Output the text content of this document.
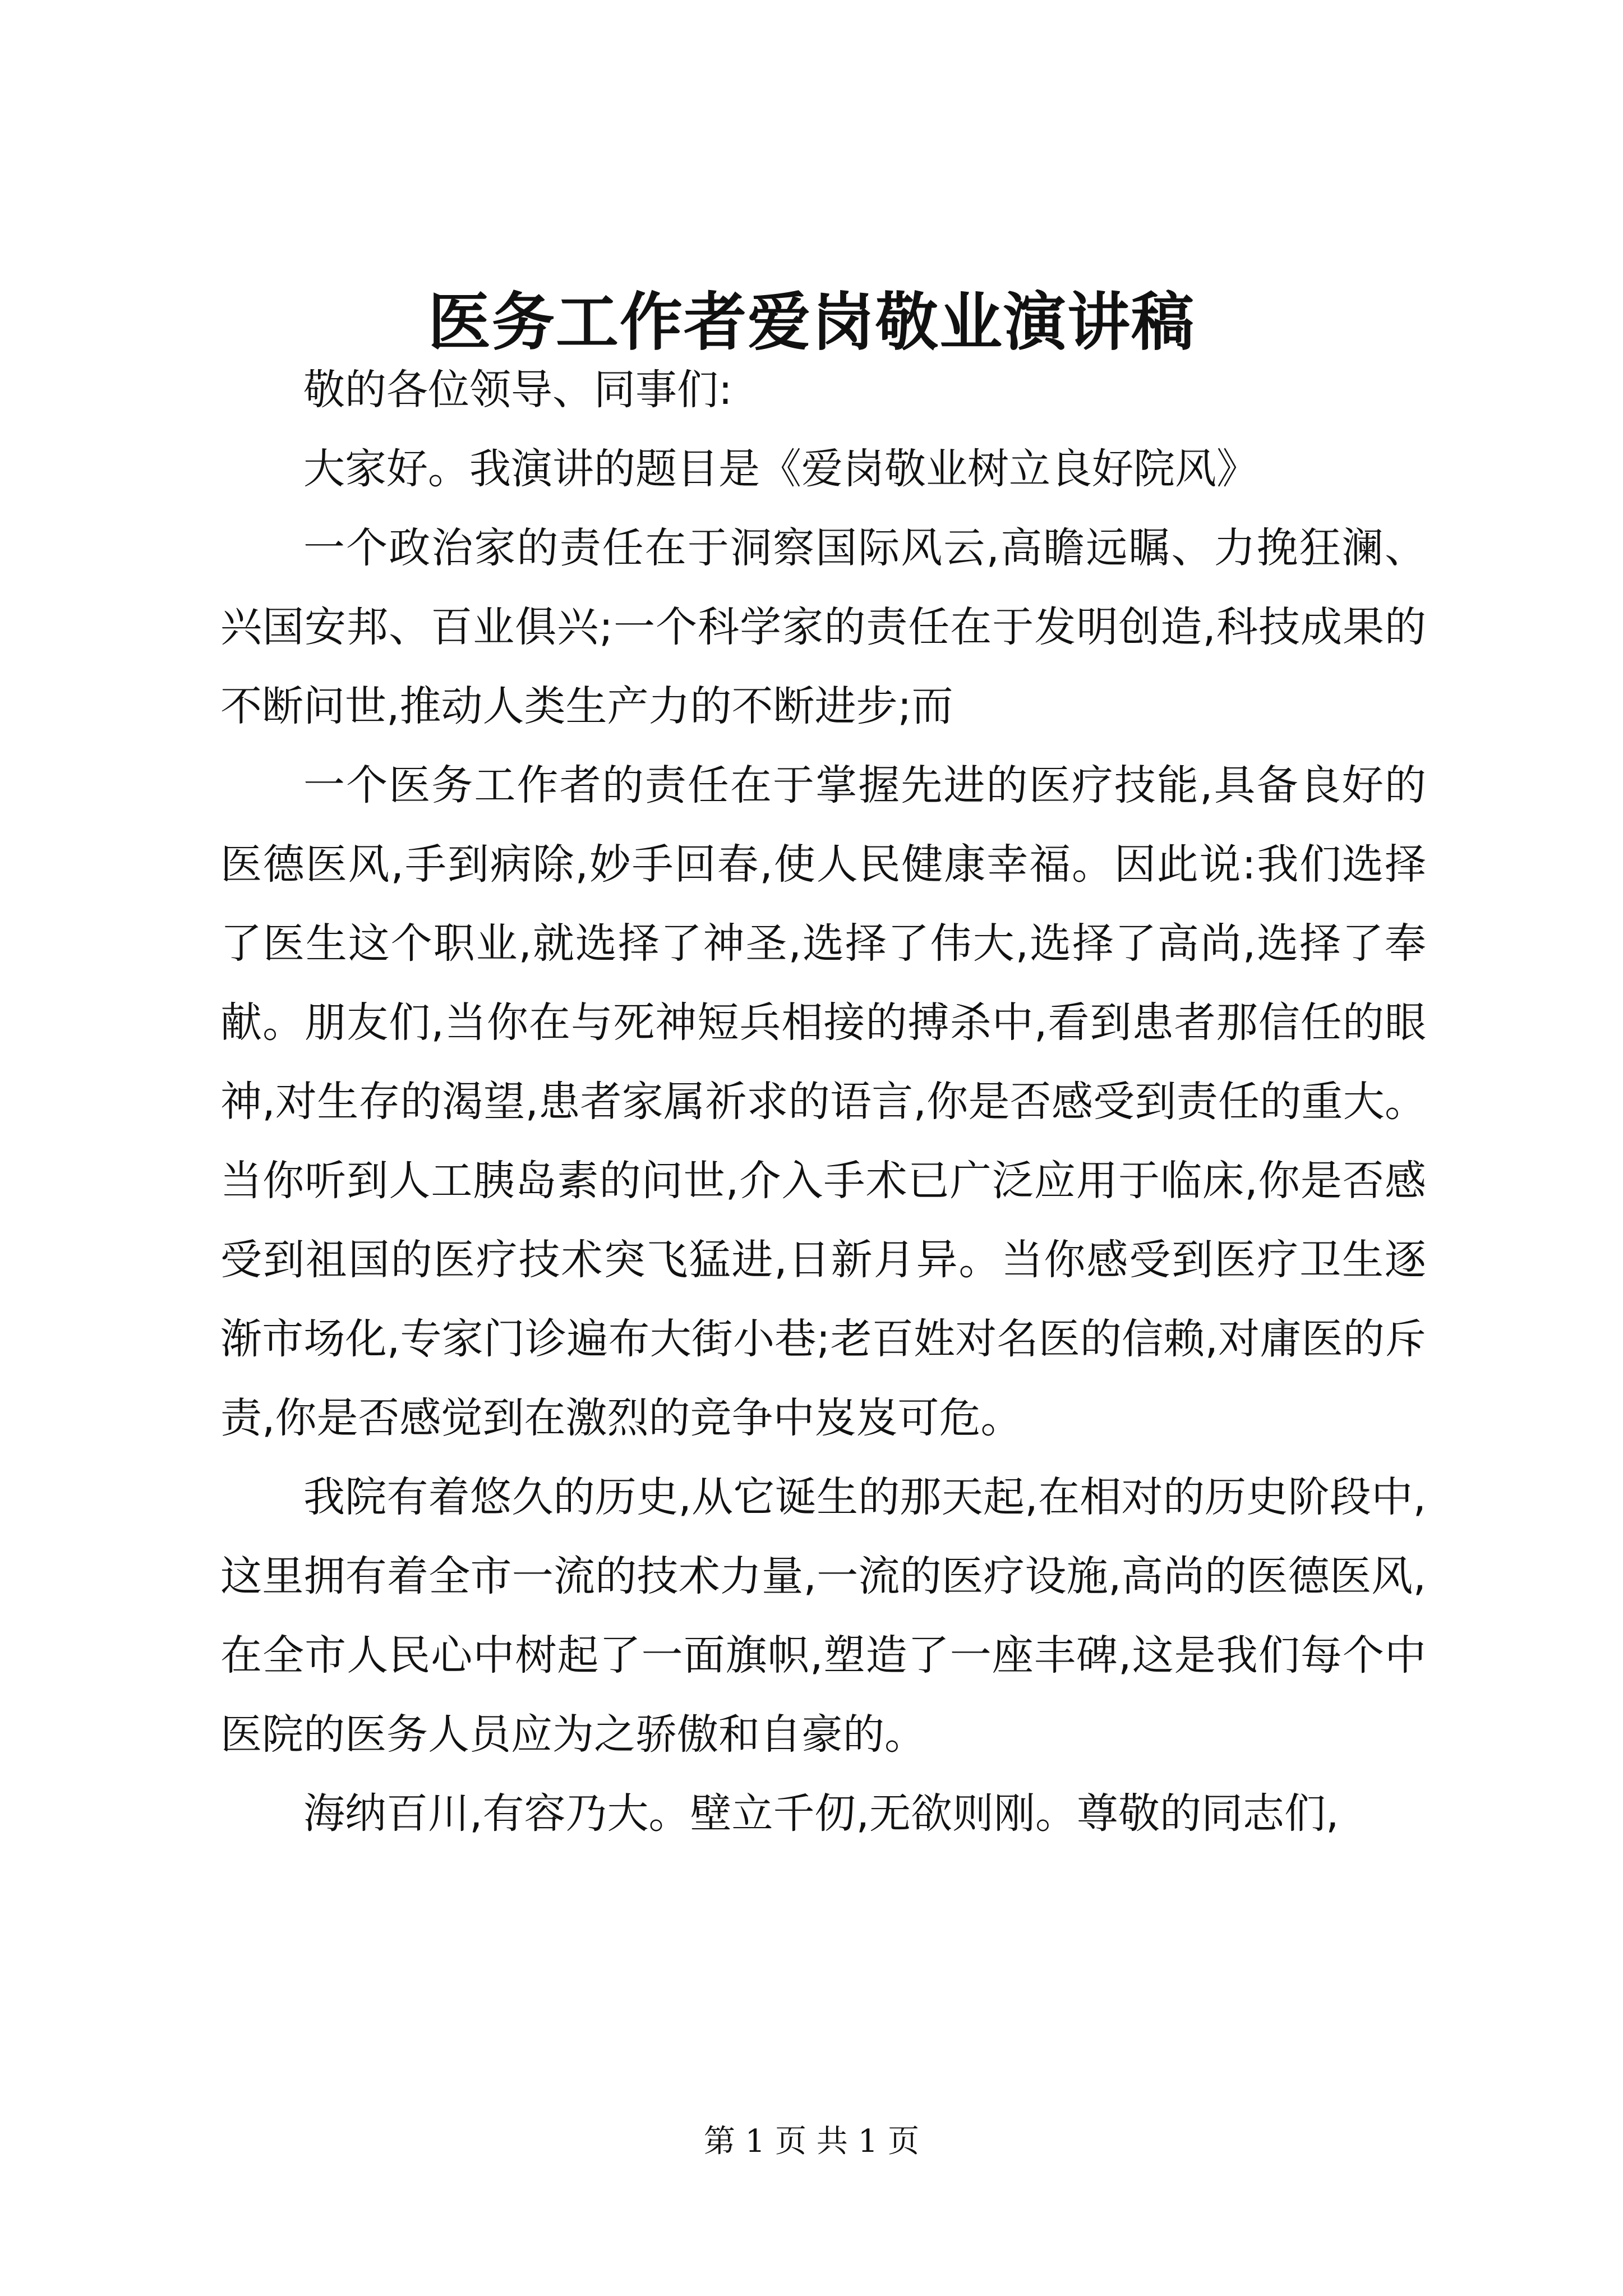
医务工作者爱岗敬业演讲稿

敬的各位领导、同事们:

大家好。我演讲的题目是《爱岗敬业树立良好院风》

一个政治家的责任在于洞察国际风云,高瞻远瞩、力挽狂澜、兴国安邦、百业俱兴;一个科学家的责任在于发明创造,科技成果的不断问世,推动人类生产力的不断进步;而

一个医务工作者的责任在于掌握先进的医疗技能,具备良好的医德医风,手到病除,妙手回春,使人民健康幸福。因此说:我们选择了医生这个职业,就选择了神圣,选择了伟大,选择了高尚,选择了奉献。朋友们,当你在与死神短兵相接的搏杀中,看到患者那信任的眼神,对生存的渴望,患者家属祈求的语言,你是否感受到责任的重大。当你听到人工胰岛素的问世,介入手术已广泛应用于临床,你是否感受到祖国的医疗技术突飞猛进,日新月异。当你感受到医疗卫生逐渐市场化,专家门诊遍布大街小巷;老百姓对名医的信赖,对庸医的斥责,你是否感觉到在激烈的竞争中岌岌可危。

我院有着悠久的历史,从它诞生的那天起,在相对的历史阶段中,这里拥有着全市一流的技术力量,一流的医疗设施,高尚的医德医风,在全市人民心中树起了一面旗帜,塑造了一座丰碑,这是我们每个中医院的医务人员应为之骄傲和自豪的。

海纳百川,有容乃大。壁立千仞,无欲则刚。尊敬的同志们,

第 1 页 共 1 页
